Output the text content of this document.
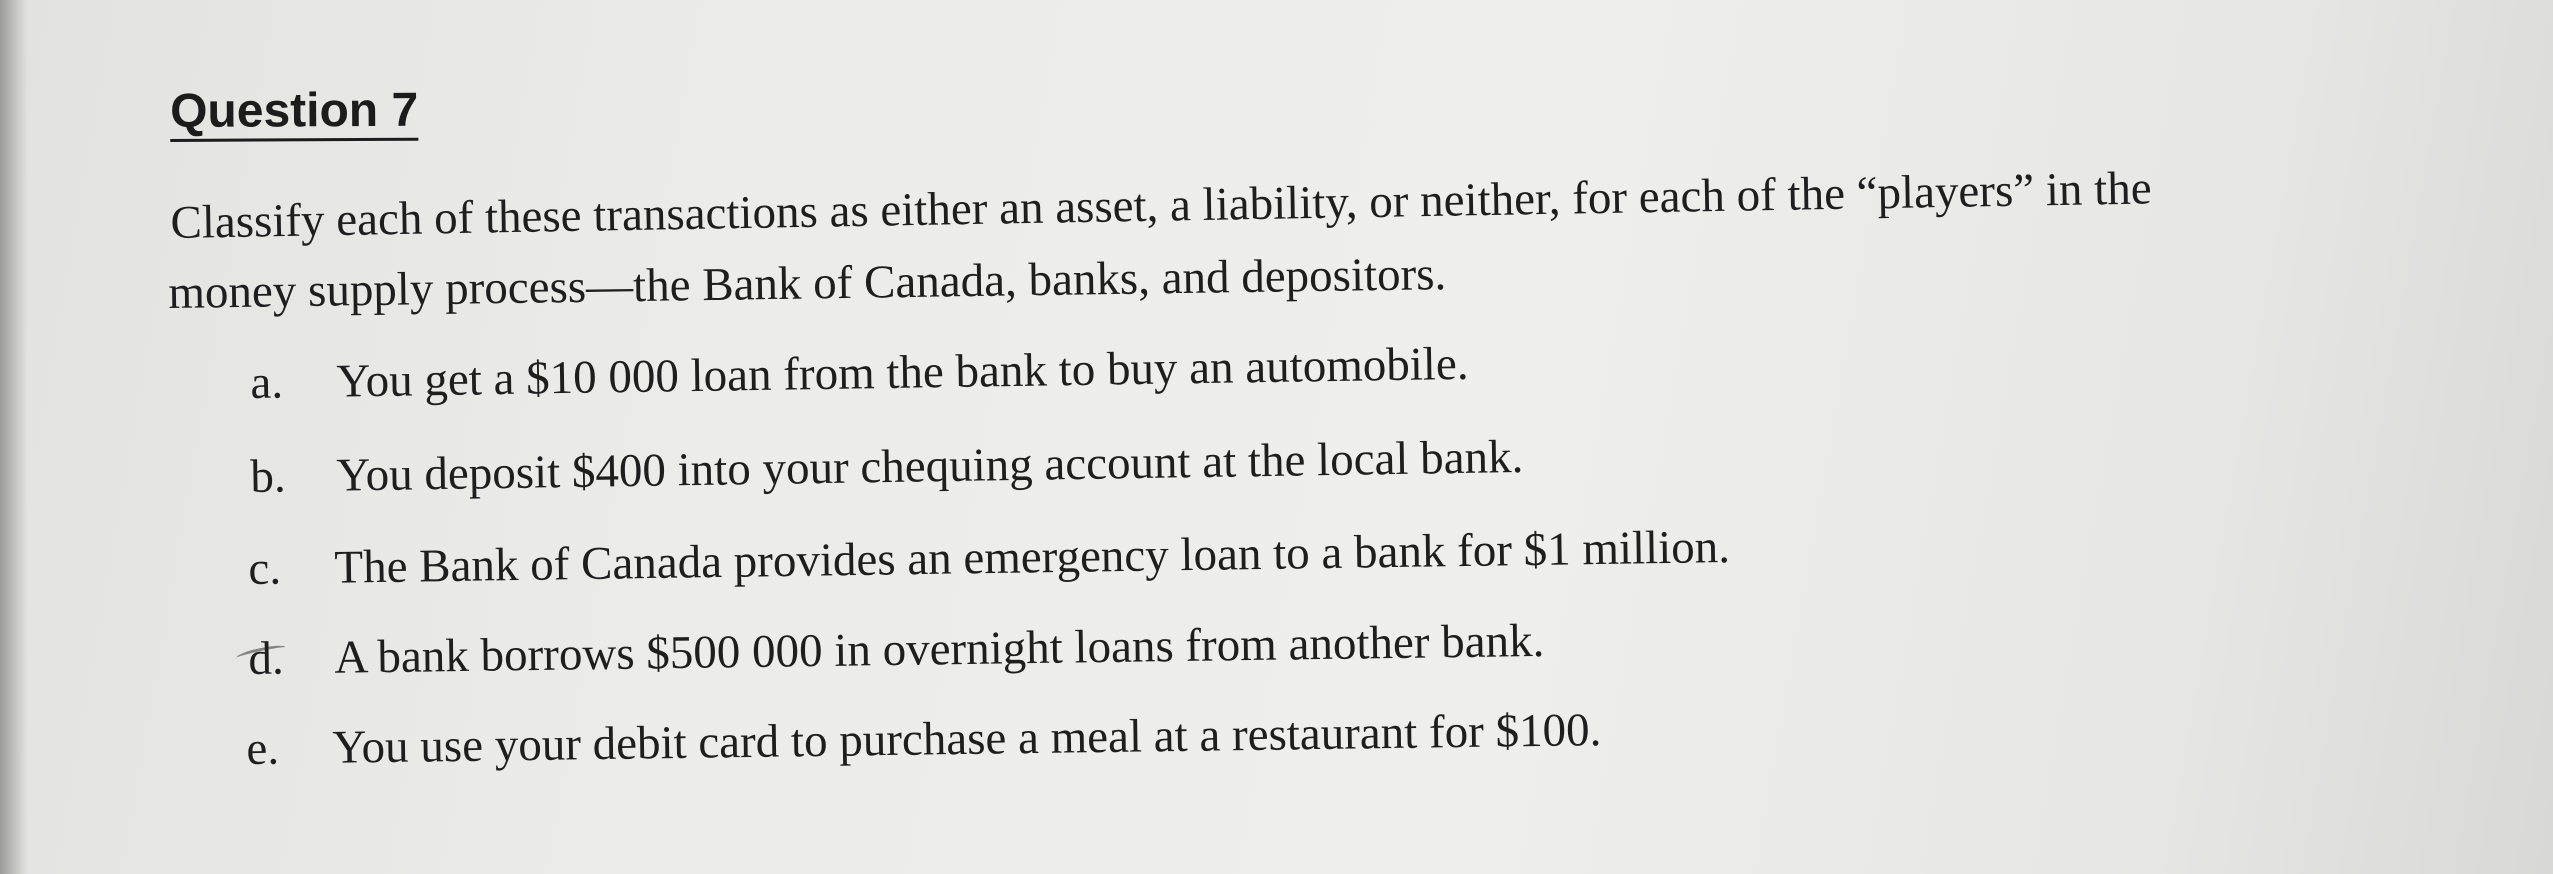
Question 7

Classify each of these transactions as either an asset, a liability, or neither, for each of the “players” in the

money supply process—the Bank of Canada, banks, and depositors.

a. You get a $10 000 loan from the bank to buy an automobile.
b. You deposit $400 into your chequing account at the local bank.
c. The Bank of Canada provides an emergency loan to a bank for $1 million.
d. A bank borrows $500 000 in overnight loans from another bank.
e. You use your debit card to purchase a meal at a restaurant for $100.
